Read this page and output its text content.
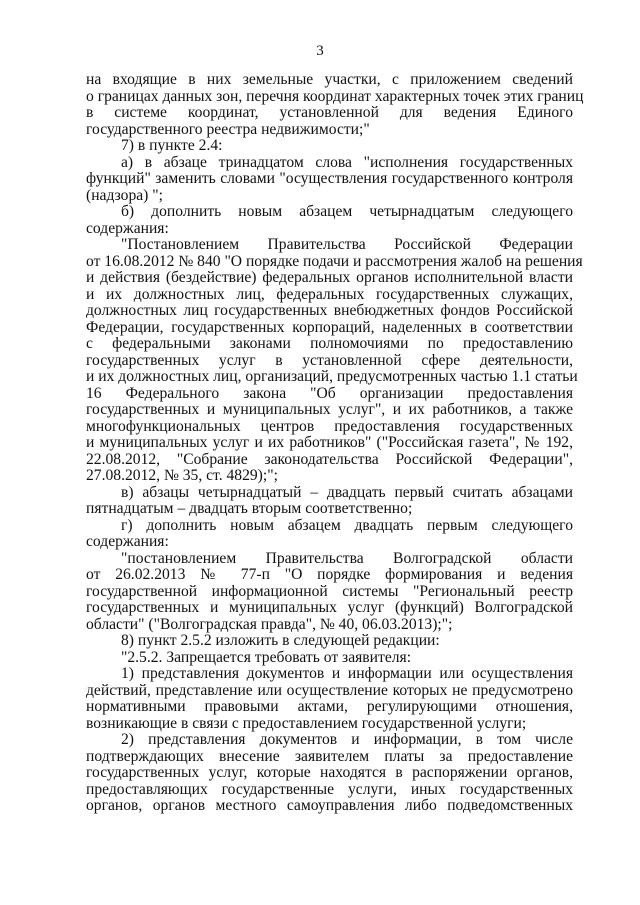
3
на входящие в них земельные участки, с приложением сведений
о границах данных зон, перечня координат характерных точек этих границ
в системе координат, установленной для ведения Единого
государственного реестра недвижимости;"
7) в пункте 2.4:
а) в абзаце тринадцатом слова "исполнения государственных
функций" заменить словами "осуществления государственного контроля
(надзора) ";
б) дополнить новым абзацем четырнадцатым следующего
содержания:
"Постановлением Правительства Российской Федерации
от 16.08.2012 № 840 "О порядке подачи и рассмотрения жалоб на решения
и действия (бездействие) федеральных органов исполнительной власти
и их должностных лиц, федеральных государственных служащих,
должностных лиц государственных внебюджетных фондов Российской
Федерации, государственных корпораций, наделенных в соответствии
с федеральными законами полномочиями по предоставлению
государственных услуг в установленной сфере деятельности,
и их должностных лиц, организаций, предусмотренных частью 1.1 статьи
16 Федерального закона "Об организации предоставления
государственных и муниципальных услуг", и их работников, а также
многофункциональных центров предоставления государственных
и муниципальных услуг и их работников" ("Российская газета", № 192,
22.08.2012, "Собрание законодательства Российской Федерации",
27.08.2012, № 35, ст. 4829);";
в) абзацы четырнадцатый – двадцать первый считать абзацами
пятнадцатым – двадцать вторым соответственно;
г) дополнить новым абзацем двадцать первым следующего
содержания:
"постановлением Правительства Волгоградской области
от 26.02.2013 № 77-п "О порядке формирования и ведения
государственной информационной системы "Региональный реестр
государственных и муниципальных услуг (функций) Волгоградской
области" ("Волгоградская правда", № 40, 06.03.2013);";
8) пункт 2.5.2 изложить в следующей редакции:
"2.5.2. Запрещается требовать от заявителя:
1) представления документов и информации или осуществления
действий, представление или осуществление которых не предусмотрено
нормативными правовыми актами, регулирующими отношения,
возникающие в связи с предоставлением государственной услуги;
2) представления документов и информации, в том числе
подтверждающих внесение заявителем платы за предоставление
государственных услуг, которые находятся в распоряжении органов,
предоставляющих государственные услуги, иных государственных
органов, органов местного самоуправления либо подведомственных
